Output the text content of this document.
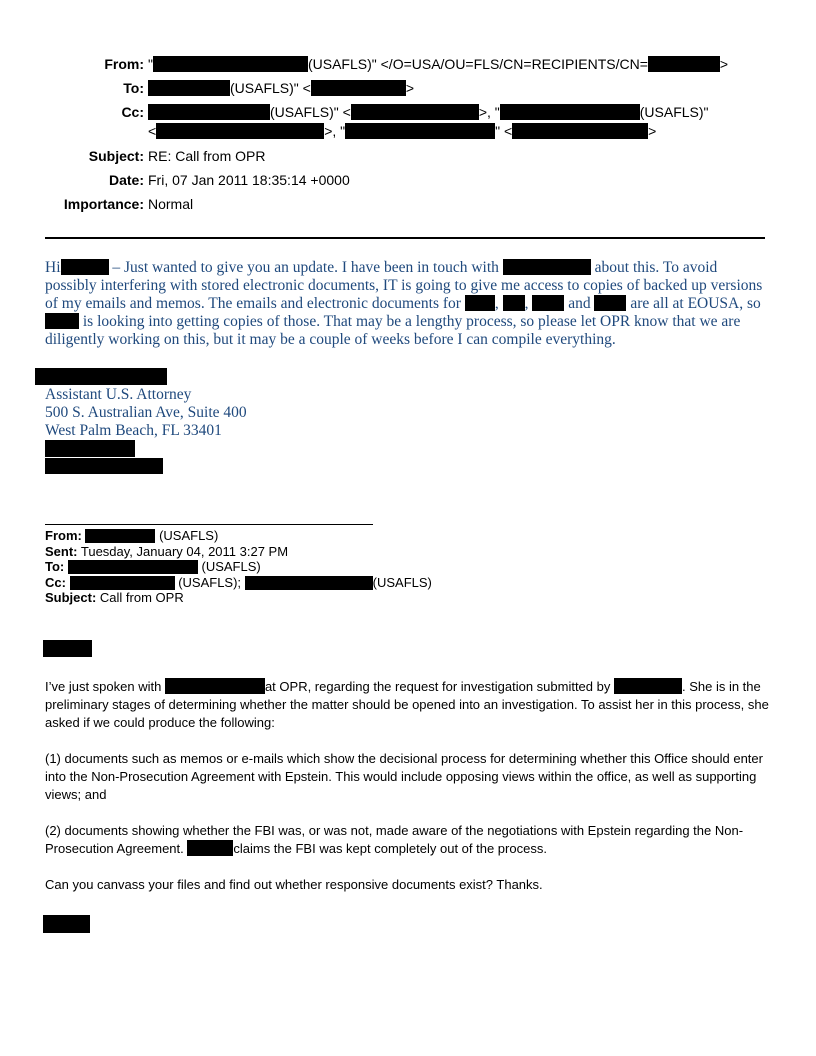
From: "	(USAFLS)" </O=USA/OU=FLS/CN=RECIPIENTS/CN=	>
To:	(USAFLS)" <	>
Cc:	(USAFLS)" <	>, "	(USAFLS)"
<	>, "	" <	>
Subject: RE: Call from OPR
Date: Fri, 07 Jan 2011 18:35:14 +0000
Importance: Normal
Hi	– Just wanted to give you an update. I have been in touch with	about this. To avoid possibly interfering with stored electronic documents, IT is going to give me access to copies of backed up versions of my emails and memos. The emails and electronic documents for , ,  and  are all at EOUSA, so  is looking into getting copies of those. That may be a lengthy process, so please let OPR know that we are diligently working on this, but it may be a couple of weeks before I can compile everything.
Assistant U.S. Attorney
500 S. Australian Ave, Suite 400
West Palm Beach, FL 33401
From:	(USAFLS)
Sent: Tuesday, January 04, 2011 3:27 PM
To:	(USAFLS)
Cc:	(USAFLS);	(USAFLS)
Subject: Call from OPR
I’ve just spoken with	at OPR, regarding the request for investigation submitted by	. She is in the preliminary stages of determining whether the matter should be opened into an investigation. To assist her in this process, she asked if we could produce the following:
(1) documents such as memos or e-mails which show the decisional process for determining whether this Office should enter into the Non-Prosecution Agreement with Epstein. This would include opposing views within the office, as well as supporting views; and
(2) documents showing whether the FBI was, or was not, made aware of the negotiations with Epstein regarding the Non-Prosecution Agreement.	claims the FBI was kept completely out of the process.
Can you canvass your files and find out whether responsive documents exist? Thanks.
